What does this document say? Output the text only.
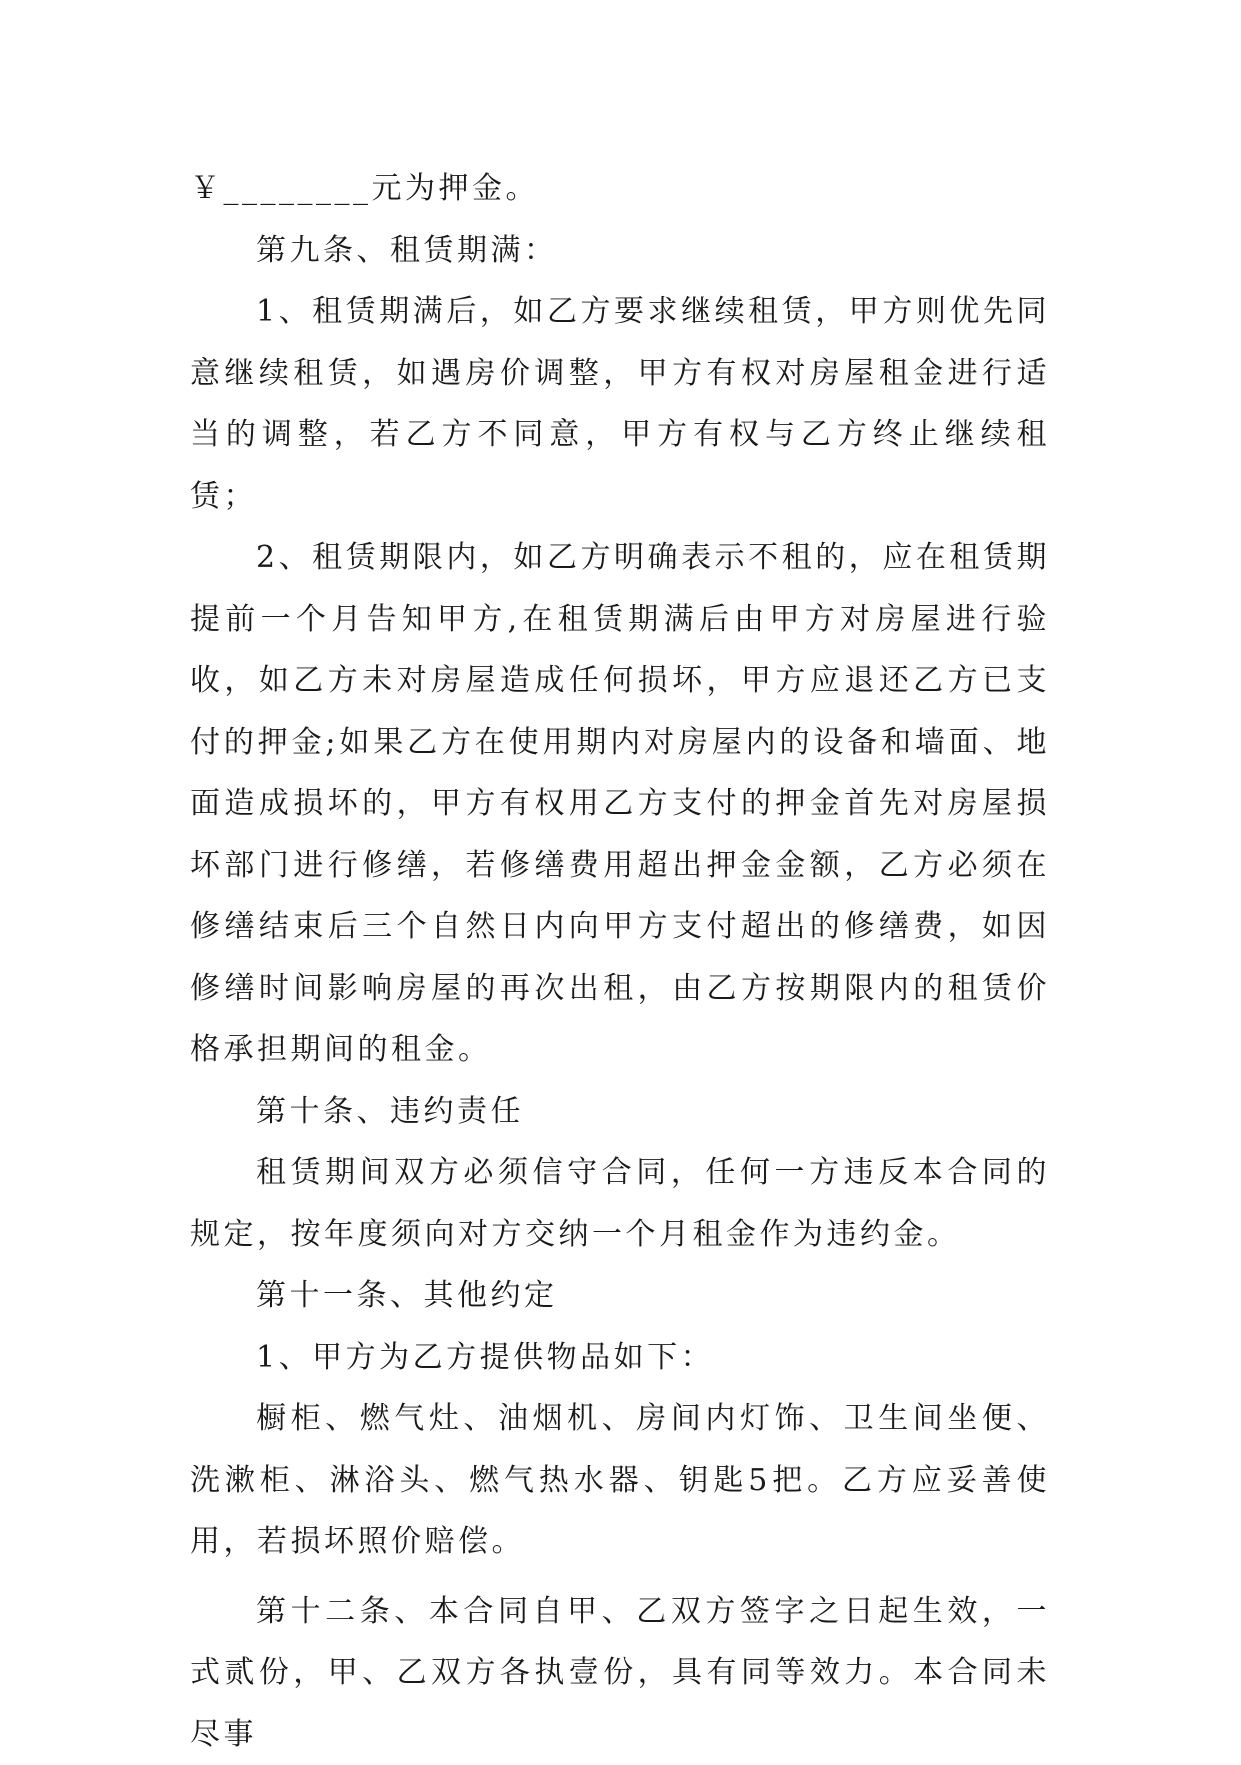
￥________元为押金。

第九条、租赁期满：

1、租赁期满后，如乙方要求继续租赁，甲方则优先同意继续租赁，如遇房价调整，甲方有权对房屋租金进行适当的调整，若乙方不同意，甲方有权与乙方终止继续租赁；

2、租赁期限内，如乙方明确表示不租的，应在租赁期提前一个月告知甲方,在租赁期满后由甲方对房屋进行验收，如乙方未对房屋造成任何损坏，甲方应退还乙方已支付的押金;如果乙方在使用期内对房屋内的设备和墙面、地面造成损坏的，甲方有权用乙方支付的押金首先对房屋损坏部门进行修缮，若修缮费用超出押金金额，乙方必须在修缮结束后三个自然日内向甲方支付超出的修缮费，如因修缮时间影响房屋的再次出租，由乙方按期限内的租赁价格承担期间的租金。

第十条、违约责任

租赁期间双方必须信守合同，任何一方违反本合同的规定，按年度须向对方交纳一个月租金作为违约金。

第十一条、其他约定

1、甲方为乙方提供物品如下：

橱柜、燃气灶、油烟机、房间内灯饰、卫生间坐便、洗漱柜、淋浴头、燃气热水器、钥匙5把。乙方应妥善使用，若损坏照价赔偿。

第十二条、本合同自甲、乙双方签字之日起生效，一式贰份，甲、乙双方各执壹份，具有同等效力。本合同未尽事
